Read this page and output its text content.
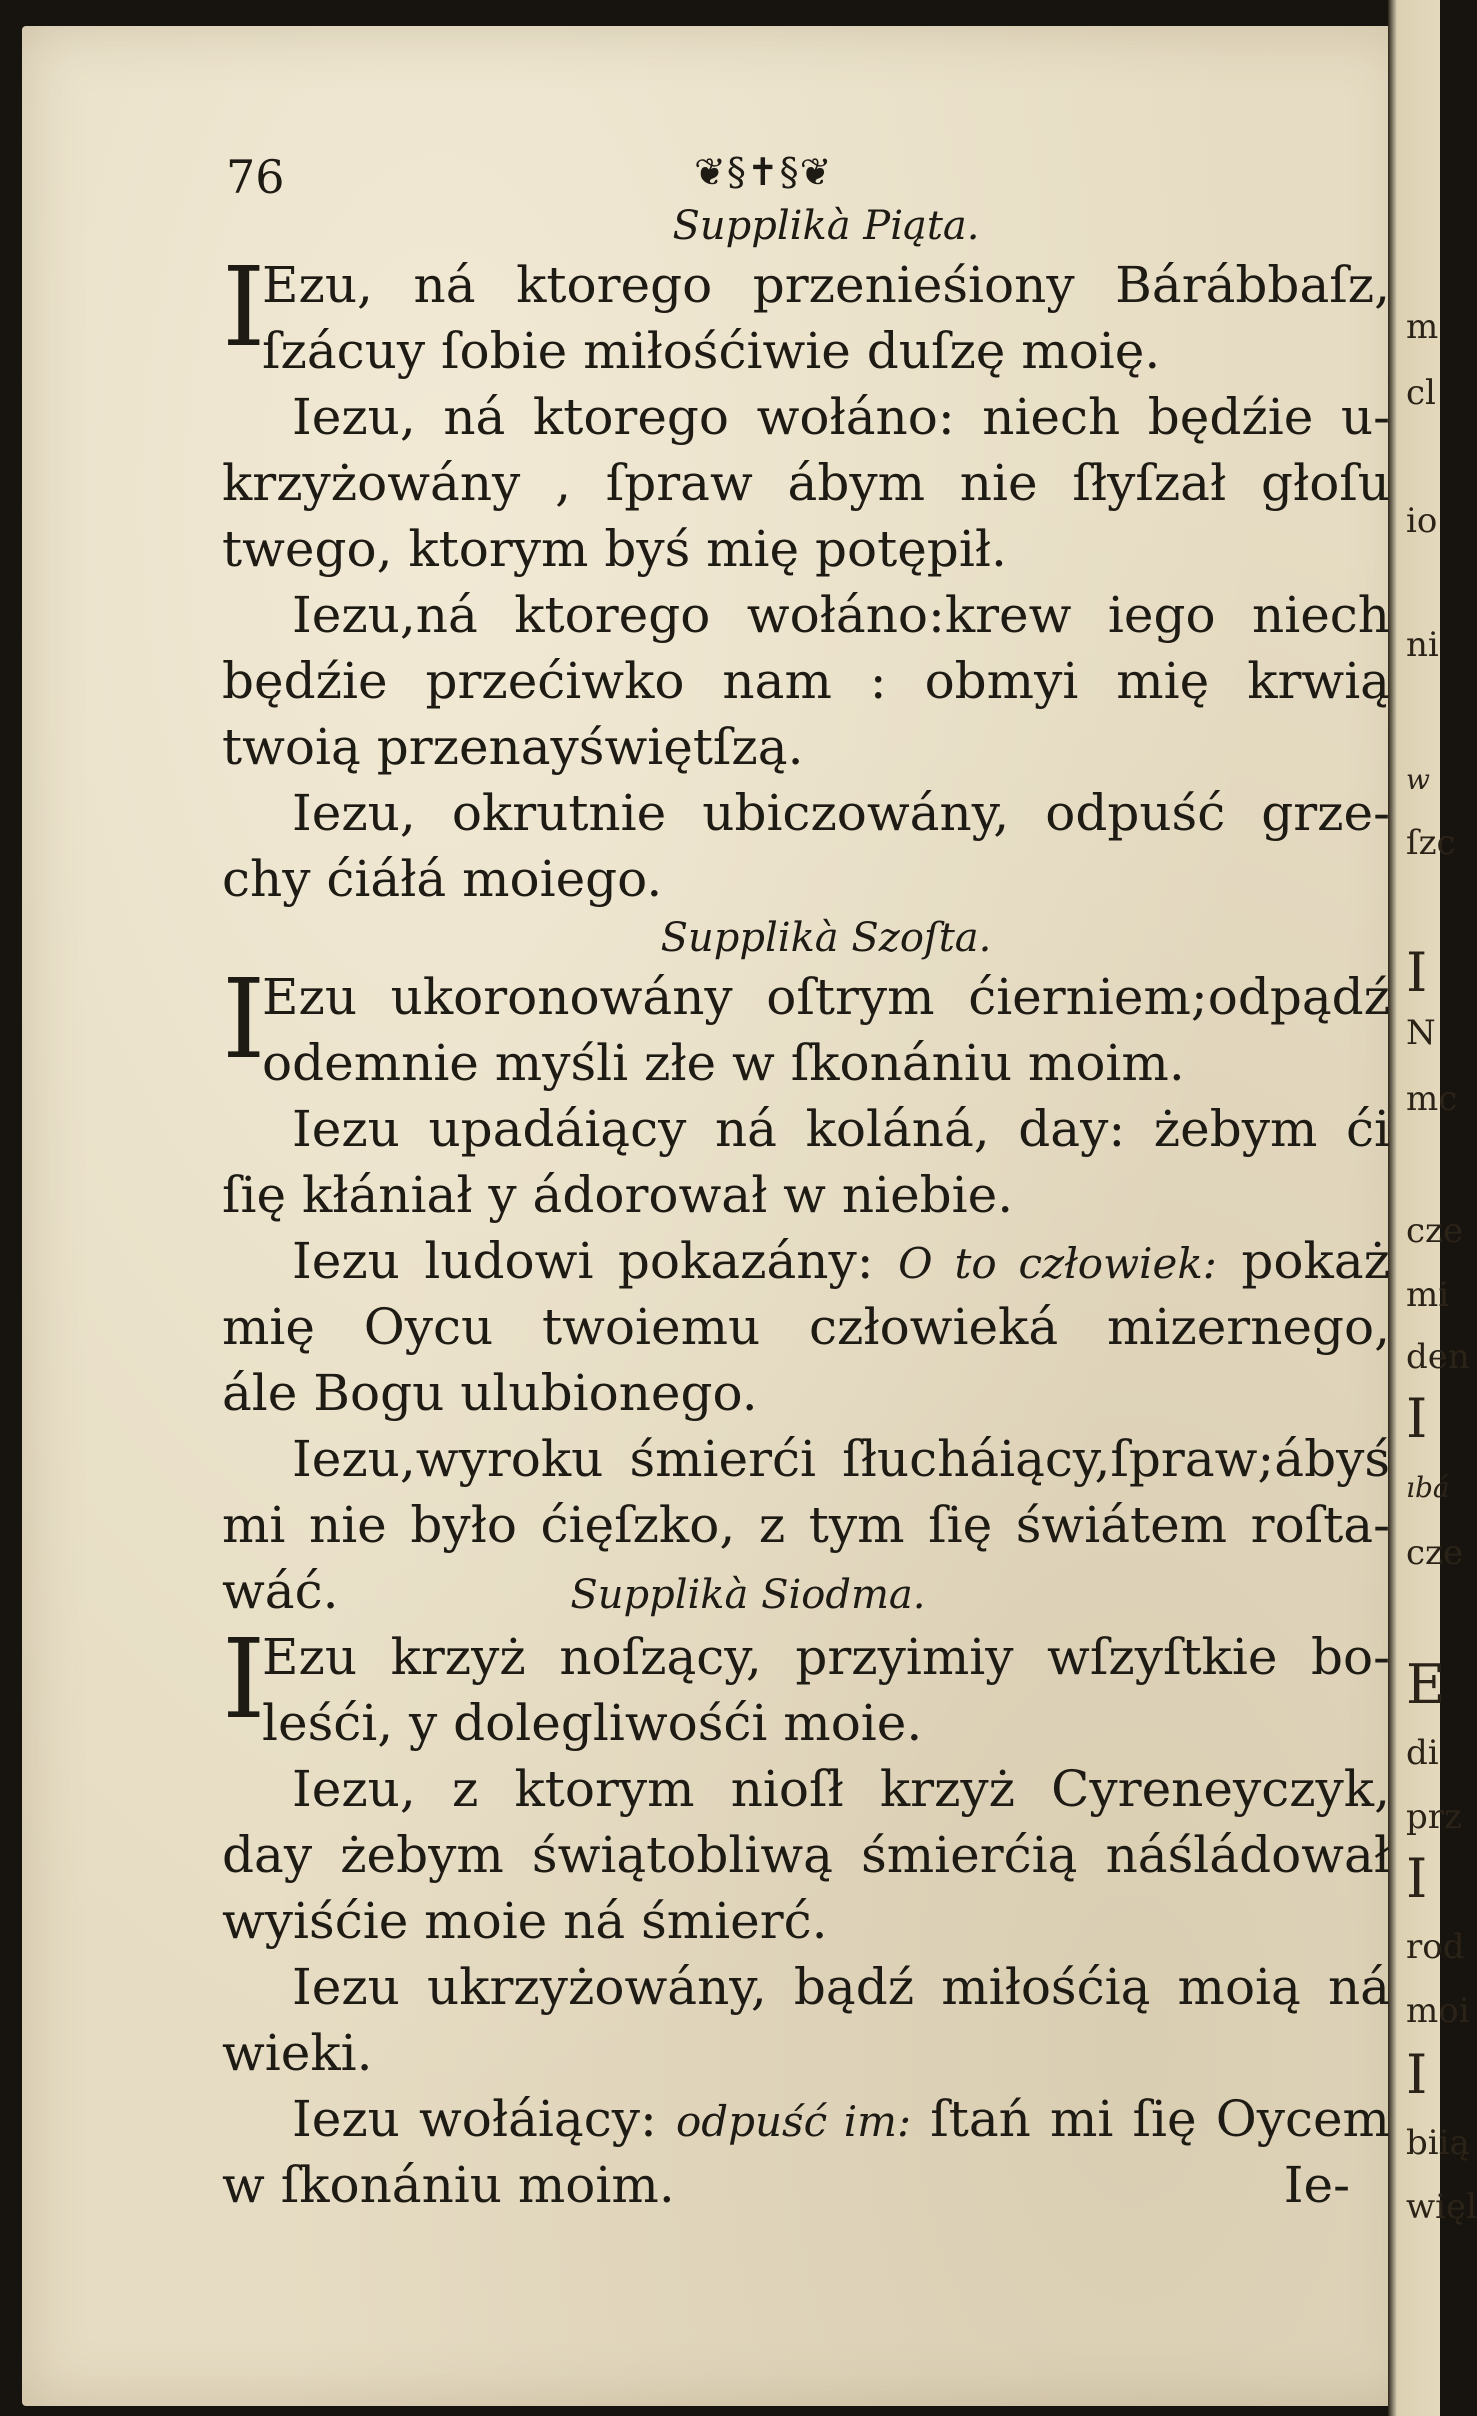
m
cl
io
ni
w
ſzc
I
N
mc
cze
mi
den
I
ıbá
cze
E
di
prz
I
rod
moi
I
biią
więl
76	❦§✝§❦
Supplikà Piąta.
I
Ezu, ná ktorego przenieśiony Bárábbaſz,
ſzácuy ſobie miłośćiwie duſzę moię.
Iezu, ná ktorego wołáno: niech będźie u-
krzyżowány , ſpraw ábym nie ſłyſzał głoſu
twego, ktorym byś mię potępił.
Iezu,ná ktorego wołáno:krew iego niech
będźie przećiwko nam : obmyi mię krwią
twoią przenayświętſzą.
Iezu, okrutnie ubiczowány, odpuść grze-
chy ćiáłá moiego.
Supplikà Szoſta.
I
Ezu ukoronowány oſtrym ćierniem;odpądź
odemnie myśli złe w ſkonániu moim.
Iezu upadáiący ná koláná, day: żebym ći
ſię kłániał y ádorował w niebie.
Iezu ludowi pokazány: O to człowiek: pokaż
mię Oycu twoiemu człowieká mizernego,
ále Bogu ulubionego.
Iezu,wyroku śmierći ſłucháiący,ſpraw;ábyś
mi nie było ćięſzko, z tym ſię świátem roſta-
wáć.	Supplikà Siodma.
I
Ezu krzyż noſzący, przyimiy wſzyſtkie bo-
leśći, y dolegliwośći moie.
Iezu, z ktorym nioſł krzyż Cyreneyczyk,
day żebym świątobliwą śmierćią náśládował
wyiśćie moie ná śmierć.
Iezu ukrzyżowány, bądź miłośćią moią ná
wieki.
Iezu wołáiący: odpuść im: ſtań mi ſię Oycem
w ſkonániu moim.	Ie-
